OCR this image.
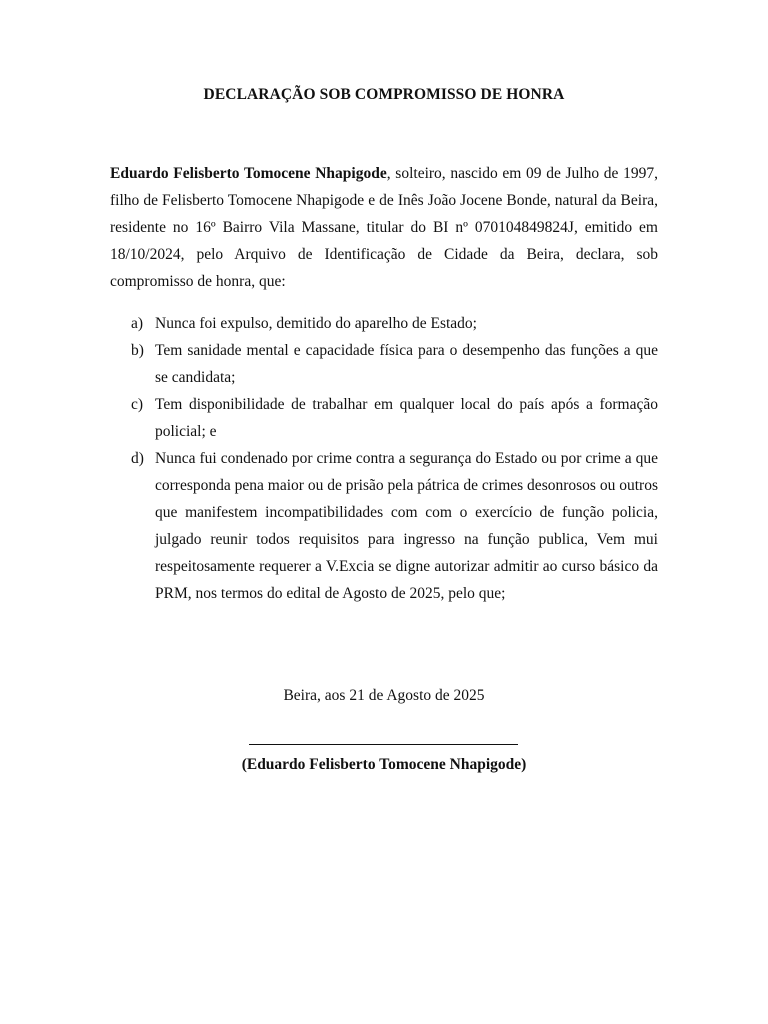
DECLARAÇÃO SOB COMPROMISSO DE HONRA

Eduardo Felisberto Tomocene Nhapigode, solteiro, nascido em 09 de Julho de 1997, filho de Felisberto Tomocene Nhapigode e de Inês João Jocene Bonde, natural da Beira, residente no 16º Bairro Vila Massane, titular do BI nº 070104849824J, emitido em 18/10/2024, pelo Arquivo de Identificação de Cidade da Beira, declara, sob compromisso de honra, que:

a) Nunca foi expulso, demitido do aparelho de Estado;
b) Tem sanidade mental e capacidade física para o desempenho das funções a que se candidata;
c) Tem disponibilidade de trabalhar em qualquer local do país após a formação policial; e
d) Nunca fui condenado por crime contra a segurança do Estado ou por crime a que corresponda pena maior ou de prisão pela pátrica de crimes desonrosos ou outros que manifestem incompatibilidades com com o exercício de função policia, julgado reunir todos requisitos para ingresso na função publica, Vem mui respeitosamente requerer a V.Excia se digne autorizar admitir ao curso básico da PRM, nos termos do edital de Agosto de 2025, pelo que;
Beira, aos 21 de Agosto de 2025
(Eduardo Felisberto Tomocene Nhapigode)
